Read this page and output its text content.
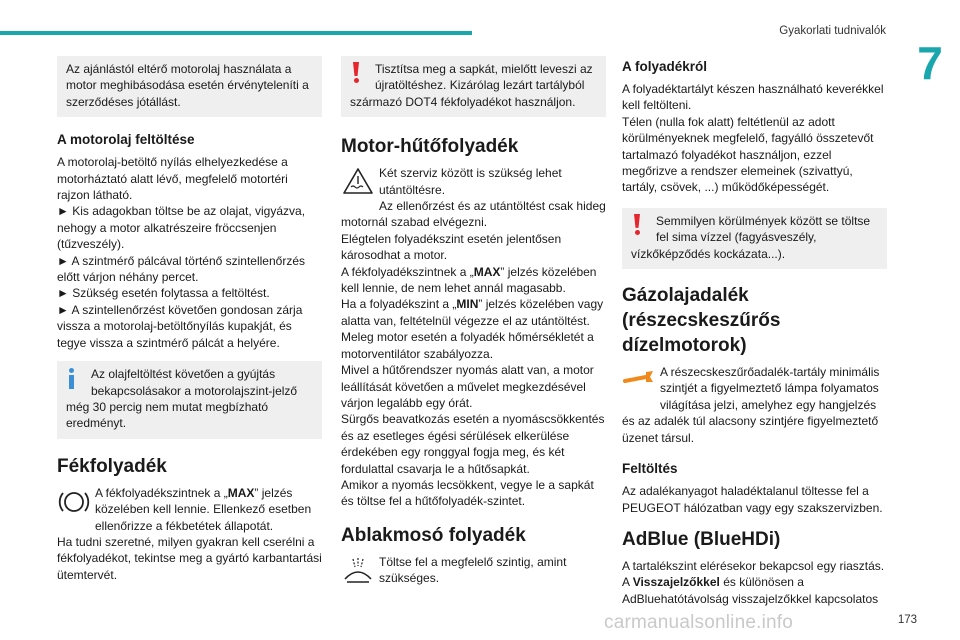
Gyakorlati tudnivalók
7
Az ajánlástól eltérő motorolaj használata a motor meghibásodása esetén érvényteleníti a szerződéses jótállást.
A motorolaj feltöltése
A motorolaj-betöltő nyílás elhelyezkedése a motorháztató alatt lévő, megfelelő motortéri rajzon látható.
► Kis adagokban töltse be az olajat, vigyázva, nehogy a motor alkatrészeire fröccsenjen (tűzveszély).
► A szintmérő pálcával történő szintellenőrzés előtt várjon néhány percet.
► Szükség esetén folytassa a feltöltést.
► A szintellenőrzést követően gondosan zárja vissza a motorolaj-betöltőnyílás kupakját, és tegye vissza a szintmérő pálcát a helyére.
Az olajfeltöltést követően a gyújtás bekapcsolásakor a motorolajszint-jelző még 30 percig nem mutat megbízható eredményt.
Fékfolyadék
A fékfolyadékszintnek a „MAX” jelzés közelében kell lennie. Ellenkező esetben ellenőrizze a fékbetétek állapotát.
Ha tudni szeretné, milyen gyakran kell cserélni a fékfolyadékot, tekintse meg a gyártó karbantartási ütemtervét.
Tisztítsa meg a sapkát, mielőtt leveszi az újratöltéshez. Kizárólag lezárt tartályból származó DOT4 fékfolyadékot használjon.
Motor-hűtőfolyadék
Két szerviz között is szükség lehet utántöltésre.
Az ellenőrzést és az utántöltést csak hideg motornál szabad elvégezni.
Elégtelen folyadékszint esetén jelentősen károsodhat a motor.
A fékfolyadékszintnek a „MAX” jelzés közelében kell lennie, de nem lehet annál magasabb.
Ha a folyadékszint a „MIN” jelzés közelében vagy alatta van, feltételnül végezze el az utántöltést.
Meleg motor esetén a folyadék hőmérsékletét a motorventilátor szabályozza.
Mivel a hűtőrendszer nyomás alatt van, a motor leállítását követően a művelet megkezdésével várjon legalább egy órát.
Sürgős beavatkozás esetén a nyomáscsökkentés és az esetleges égési sérülések elkerülése érdekében egy ronggyal fogja meg, és két fordulattal csavarja le a hűtősapkát.
Amikor a nyomás lecsökkent, vegye le a sapkát és töltse fel a hűtőfolyadék-szintet.
Ablakmosó folyadék
Töltse fel a megfelelő szintig, amint szükséges.
A folyadékról
A folyadéktartályt készen használható keverékkel kell feltölteni.
Télen (nulla fok alatt) feltétlenül az adott körülményeknek megfelelő, fagyálló összetevőt tartalmazó folyadékot használjon, ezzel megőrizve a rendszer elemeinek (szivattyú, tartály, csövek, ...) működőképességét.
Semmilyen körülmények között se töltse fel sima vízzel (fagyásveszély, vízkőképződés kockázata...).
Gázolajadalék (részecskeszűrős dízelmotorok)
A részecskeszűrőadalék-tartály minimális szintjét a figyelmeztető lámpa folyamatos világítása jelzi, amelyhez egy hangjelzés és az adalék túl alacsony szintjére figyelmeztető üzenet társul.
Feltöltés
Az adalékanyagot haladéktalanul töltesse fel a PEUGEOT hálózatban vagy egy szakszervizben.
AdBlue (BlueHDi)
A tartalékszint elérésekor bekapcsol egy riasztás.
A Visszajelzőkkel és különösen a AdBluehatótávolság visszajelzőkkel kapcsolatos
carmanualsonline.info	173
